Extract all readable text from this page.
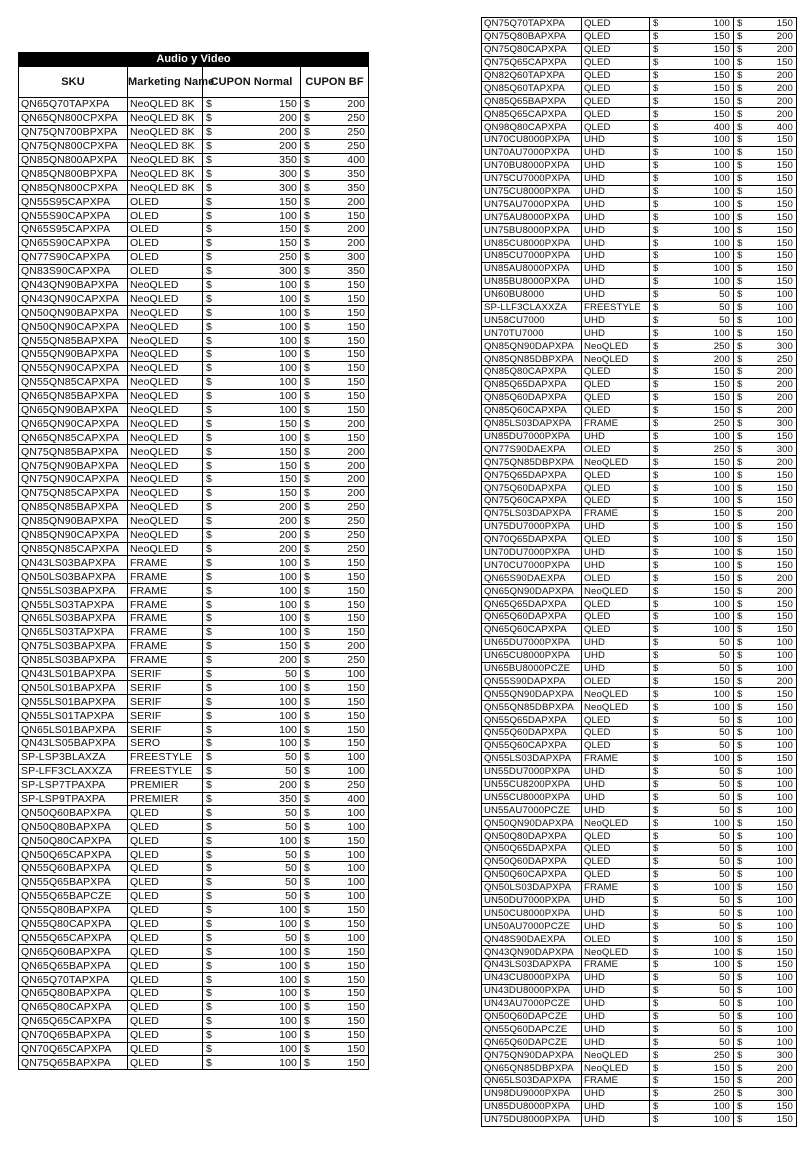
Audio y Video					
SKU	Marketing Name	CUPON Normal		CUPON BF	
QN65Q70TAPXPA	NeoQLED 8K	$	150	$	200
QN65QN800CPXPA	NeoQLED 8K	$	200	$	250
QN75QN700BPXPA	NeoQLED 8K	$	200	$	250
QN75QN800CPXPA	NeoQLED 8K	$	200	$	250
QN85QN800APXPA	NeoQLED 8K	$	350	$	400
QN85QN800BPXPA	NeoQLED 8K	$	300	$	350
QN85QN800CPXPA	NeoQLED 8K	$	300	$	350
QN55S95CAPXPA	OLED	$	150	$	200
QN55S90CAPXPA	OLED	$	100	$	150
QN65S95CAPXPA	OLED	$	150	$	200
QN65S90CAPXPA	OLED	$	150	$	200
QN77S90CAPXPA	OLED	$	250	$	300
QN83S90CAPXPA	OLED	$	300	$	350
QN43QN90BAPXPA	NeoQLED	$	100	$	150
QN43QN90CAPXPA	NeoQLED	$	100	$	150
QN50QN90BAPXPA	NeoQLED	$	100	$	150
QN50QN90CAPXPA	NeoQLED	$	100	$	150
QN55QN85BAPXPA	NeoQLED	$	100	$	150
QN55QN90BAPXPA	NeoQLED	$	100	$	150
QN55QN90CAPXPA	NeoQLED	$	100	$	150
QN55QN85CAPXPA	NeoQLED	$	100	$	150
QN65QN85BAPXPA	NeoQLED	$	100	$	150
QN65QN90BAPXPA	NeoQLED	$	100	$	150
QN65QN90CAPXPA	NeoQLED	$	150	$	200
QN65QN85CAPXPA	NeoQLED	$	100	$	150
QN75QN85BAPXPA	NeoQLED	$	150	$	200
QN75QN90BAPXPA	NeoQLED	$	150	$	200
QN75QN90CAPXPA	NeoQLED	$	150	$	200
QN75QN85CAPXPA	NeoQLED	$	150	$	200
QN85QN85BAPXPA	NeoQLED	$	200	$	250
QN85QN90BAPXPA	NeoQLED	$	200	$	250
QN85QN90CAPXPA	NeoQLED	$	200	$	250
QN85QN85CAPXPA	NeoQLED	$	200	$	250
QN43LS03BAPXPA	FRAME	$	100	$	150
QN50LS03BAPXPA	FRAME	$	100	$	150
QN55LS03BAPXPA	FRAME	$	100	$	150
QN55LS03TAPXPA	FRAME	$	100	$	150
QN65LS03BAPXPA	FRAME	$	100	$	150
QN65LS03TAPXPA	FRAME	$	100	$	150
QN75LS03BAPXPA	FRAME	$	150	$	200
QN85LS03BAPXPA	FRAME	$	200	$	250
QN43LS01BAPXPA	SERIF	$	50	$	100
QN50LS01BAPXPA	SERIF	$	100	$	150
QN55LS01BAPXPA	SERIF	$	100	$	150
QN55LS01TAPXPA	SERIF	$	100	$	150
QN65LS01BAPXPA	SERIF	$	100	$	150
QN43LS05BAPXPA	SERO	$	100	$	150
SP-LSP3BLAXZA	FREESTYLE	$	50	$	100
SP-LFF3CLAXXZA	FREESTYLE	$	50	$	100
SP-LSP7TPAXPA	PREMIER	$	200	$	250
SP-LSP9TPAXPA	PREMIER	$	350	$	400
QN50Q60BAPXPA	QLED	$	50	$	100
QN50Q80BAPXPA	QLED	$	50	$	100
QN50Q80CAPXPA	QLED	$	100	$	150
QN50Q65CAPXPA	QLED	$	50	$	100
QN55Q60BAPXPA	QLED	$	50	$	100
QN55Q65BAPXPA	QLED	$	50	$	100
QN55Q65BAPCZE	QLED	$	50	$	100
QN55Q80BAPXPA	QLED	$	100	$	150
QN55Q80CAPXPA	QLED	$	100	$	150
QN55Q65CAPXPA	QLED	$	50	$	100
QN65Q60BAPXPA	QLED	$	100	$	150
QN65Q65BAPXPA	QLED	$	100	$	150
QN65Q70TAPXPA	QLED	$	100	$	150
QN65Q80BAPXPA	QLED	$	100	$	150
QN65Q80CAPXPA	QLED	$	100	$	150
QN65Q65CAPXPA	QLED	$	100	$	150
QN70Q65BAPXPA	QLED	$	100	$	150
QN70Q65CAPXPA	QLED	$	100	$	150
QN75Q65BAPXPA	QLED	$	100	$	150
QN75Q70TAPXPA	QLED	$	100	$	150
QN75Q80BAPXPA	QLED	$	150	$	200
QN75Q80CAPXPA	QLED	$	150	$	200
QN75Q65CAPXPA	QLED	$	100	$	150
QN82Q60TAPXPA	QLED	$	150	$	200
QN85Q60TAPXPA	QLED	$	150	$	200
QN85Q65BAPXPA	QLED	$	150	$	200
QN85Q65CAPXPA	QLED	$	150	$	200
QN98Q80CAPXPA	QLED	$	400	$	400
UN70CU8000PXPA	UHD	$	100	$	150
UN70AU7000PXPA	UHD	$	100	$	150
UN70BU8000PXPA	UHD	$	100	$	150
UN75CU7000PXPA	UHD	$	100	$	150
UN75CU8000PXPA	UHD	$	100	$	150
UN75AU7000PXPA	UHD	$	100	$	150
UN75AU8000PXPA	UHD	$	100	$	150
UN75BU8000PXPA	UHD	$	100	$	150
UN85CU8000PXPA	UHD	$	100	$	150
UN85CU7000PXPA	UHD	$	100	$	150
UN85AU8000PXPA	UHD	$	100	$	150
UN85BU8000PXPA	UHD	$	100	$	150
UN60BU8000	UHD	$	50	$	100
SP-LLF3CLAXXZA	FREESTYLE	$	50	$	100
UN58CU7000	UHD	$	50	$	100
UN70TU7000	UHD	$	100	$	150
QN85QN90DAPXPA	NeoQLED	$	250	$	300
QN85QN85DBPXPA	NeoQLED	$	200	$	250
QN85Q80CAPXPA	QLED	$	150	$	200
QN85Q65DAPXPA	QLED	$	150	$	200
QN85Q60DAPXPA	QLED	$	150	$	200
QN85Q60CAPXPA	QLED	$	150	$	200
QN85LS03DAPXPA	FRAME	$	250	$	300
UN85DU7000PXPA	UHD	$	100	$	150
QN77S90DAEXPA	OLED	$	250	$	300
QN75QN85DBPXPA	NeoQLED	$	150	$	200
QN75Q65DAPXPA	QLED	$	100	$	150
QN75Q60DAPXPA	QLED	$	100	$	150
QN75Q60CAPXPA	QLED	$	100	$	150
QN75LS03DAPXPA	FRAME	$	150	$	200
UN75DU7000PXPA	UHD	$	100	$	150
QN70Q65DAPXPA	QLED	$	100	$	150
UN70DU7000PXPA	UHD	$	100	$	150
UN70CU7000PXPA	UHD	$	100	$	150
QN65S90DAEXPA	OLED	$	150	$	200
QN65QN90DAPXPA	NeoQLED	$	150	$	200
QN65Q65DAPXPA	QLED	$	100	$	150
QN65Q60DAPXPA	QLED	$	100	$	150
QN65Q60CAPXPA	QLED	$	100	$	150
UN65DU7000PXPA	UHD	$	50	$	100
UN65CU8000PXPA	UHD	$	50	$	100
UN65BU8000PCZE	UHD	$	50	$	100
QN55S90DAPXPA	OLED	$	150	$	200
QN55QN90DAPXPA	NeoQLED	$	100	$	150
QN55QN85DBPXPA	NeoQLED	$	100	$	150
QN55Q65DAPXPA	QLED	$	50	$	100
QN55Q60DAPXPA	QLED	$	50	$	100
QN55Q60CAPXPA	QLED	$	50	$	100
QN55LS03DAPXPA	FRAME	$	100	$	150
UN55DU7000PXPA	UHD	$	50	$	100
UN55CU8200PXPA	UHD	$	50	$	100
UN55CU8000PXPA	UHD	$	50	$	100
UN55AU7000PCZE	UHD	$	50	$	100
QN50QN90DAPXPA	NeoQLED	$	100	$	150
QN50Q80DAPXPA	QLED	$	50	$	100
QN50Q65DAPXPA	QLED	$	50	$	100
QN50Q60DAPXPA	QLED	$	50	$	100
QN50Q60CAPXPA	QLED	$	50	$	100
QN50LS03DAPXPA	FRAME	$	100	$	150
UN50DU7000PXPA	UHD	$	50	$	100
UN50CU8000PXPA	UHD	$	50	$	100
UN50AU7000PCZE	UHD	$	50	$	100
QN48S90DAEXPA	OLED	$	100	$	150
QN43QN90DAPXPA	NeoQLED	$	100	$	150
QN43LS03DAPXPA	FRAME	$	100	$	150
UN43CU8000PXPA	UHD	$	50	$	100
UN43DU8000PXPA	UHD	$	50	$	100
UN43AU7000PCZE	UHD	$	50	$	100
QN50Q60DAPCZE	UHD	$	50	$	100
QN55Q60DAPCZE	UHD	$	50	$	100
QN65Q60DAPCZE	UHD	$	50	$	100
QN75QN90DAPXPA	NeoQLED	$	250	$	300
QN65QN85DBPXPA	NeoQLED	$	150	$	200
QN65LS03DAPXPA	FRAME	$	150	$	200
UN98DU9000PXPA	UHD	$	250	$	300
UN85DU8000PXPA	UHD	$	100	$	150
UN75DU8000PXPA	UHD	$	100	$	150
